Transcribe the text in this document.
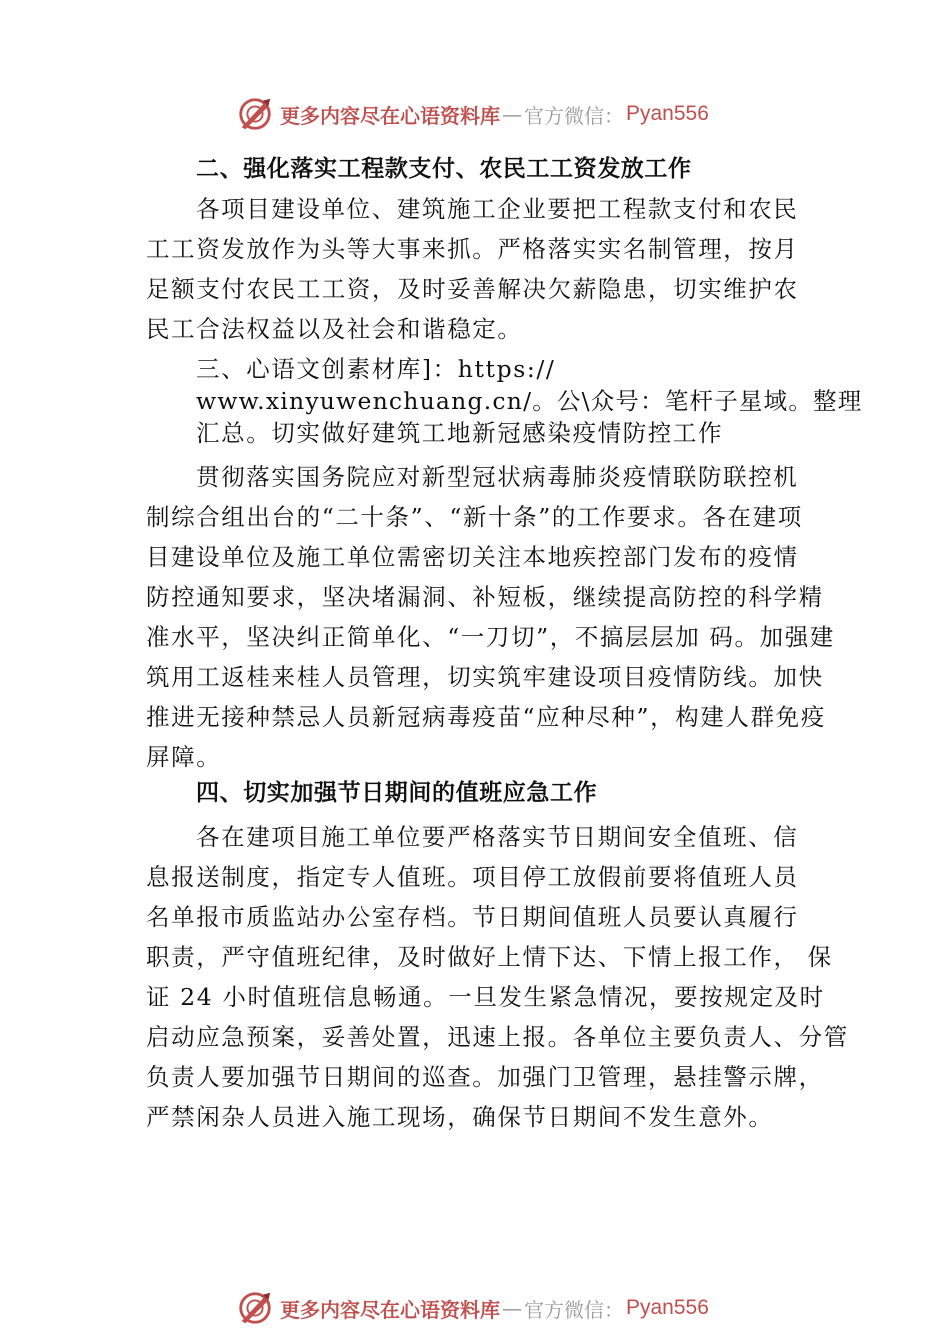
更多内容尽在心语资料库 — 官方微信： Pyan556
二、强化落实工程款支付、农民工工资发放工作
各项目建设单位、建筑施工企业要把工程款支付和农民
工工资发放作为头等大事来抓。严格落实实名制管理，按月
足额支付农民工工资，及时妥善解决欠薪隐患，切实维护农
民工合法权益以及社会和谐稳定。
三、心语文创素材库]：https://
www.xinyuwenchuang.cn/。公\众号：笔杆子星域。整理
汇总。切实做好建筑工地新冠感染疫情防控工作
贯彻落实国务院应对新型冠状病毒肺炎疫情联防联控机
制综合组出台的“二十条”、“新十条”的工作要求。各在建项
目建设单位及施工单位需密切关注本地疾控部门发布的疫情
防控通知要求，坚决堵漏洞、补短板，继续提高防控的科学精
准水平，坚决纠正简单化、“一刀切”，不搞层层加 码。加强建
筑用工返桂来桂人员管理，切实筑牢建设项目疫情防线。加快
推进无接种禁忌人员新冠病毒疫苗“应种尽种”，构建人群免疫
屏障。
四、切实加强节日期间的值班应急工作
各在建项目施工单位要严格落实节日期间安全值班、信
息报送制度，指定专人值班。项目停工放假前要将值班人员
名单报市质监站办公室存档。节日期间值班人员要认真履行
职责，严守值班纪律，及时做好上情下达、下情上报工作， 保
证 24 小时值班信息畅通。一旦发生紧急情况，要按规定及时
启动应急预案，妥善处置，迅速上报。各单位主要负责人、分管
负责人要加强节日期间的巡查。加强门卫管理，悬挂警示牌，
严禁闲杂人员进入施工现场，确保节日期间不发生意外。
更多内容尽在心语资料库 — 官方微信： Pyan556
